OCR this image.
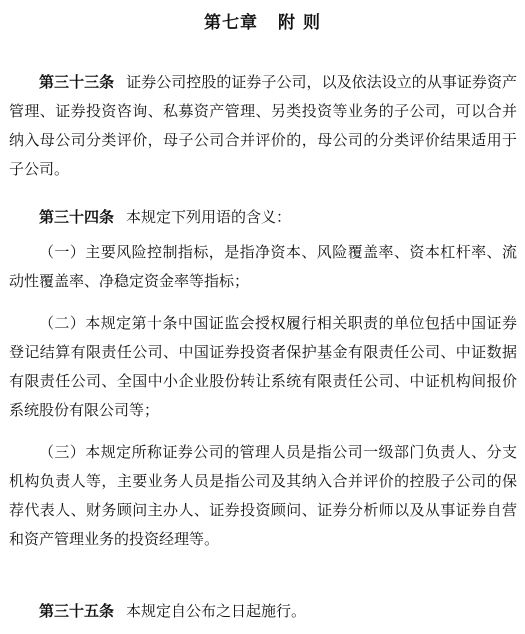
第七章 附 则

第三十三条 证券公司控股的证券子公司，以及依法设立的从事证券资产管理、证券投资咨询、私募资产管理、另类投资等业务的子公司，可以合并纳入母公司分类评价，母子公司合并评价的，母公司的分类评价结果适用于子公司。

第三十四条 本规定下列用语的含义：

（一）主要风险控制指标，是指净资本、风险覆盖率、资本杠杆率、流动性覆盖率、净稳定资金率等指标；

（二）本规定第十条中国证监会授权履行相关职责的单位包括中国证券登记结算有限责任公司、中国证券投资者保护基金有限责任公司、中证数据有限责任公司、全国中小企业股份转让系统有限责任公司、中证机构间报价系统股份有限公司等；

（三）本规定所称证券公司的管理人员是指公司一级部门负责人、分支机构负责人等，主要业务人员是指公司及其纳入合并评价的控股子公司的保荐代表人、财务顾问主办人、证券投资顾问、证券分析师以及从事证券自营和资产管理业务的投资经理等。

第三十五条 本规定自公布之日起施行。
